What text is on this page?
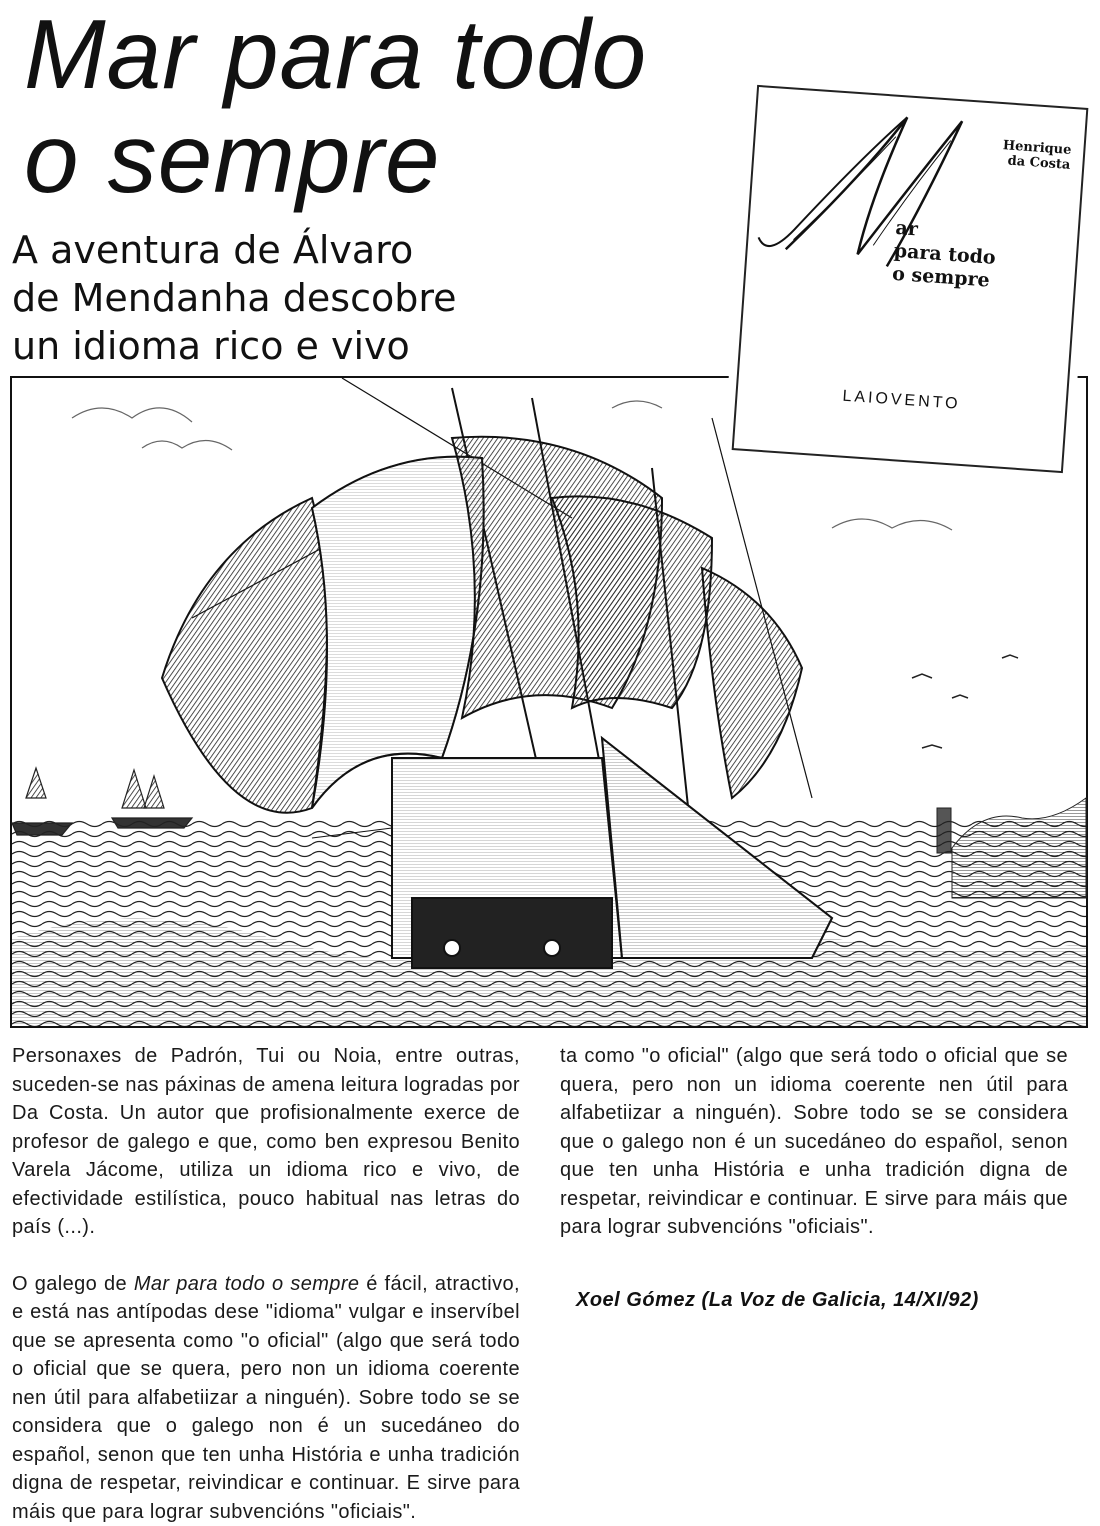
Mar para todo
o sempre
A aventura de Álvaro
de Mendanha descobre
un idioma rico e vivo

Henrique
da Costa

ar
para todo
o sempre

LAIOVENTO

Personaxes de Padrón, Tui ou Noia, entre outras, suceden-se nas páxinas de amena leitura logradas por Da Costa. Un autor que profisionalmente exerce de profesor de galego e que, como ben expresou Benito Varela Jácome, utiliza un idioma rico e vivo, de efectividade estilística, pouco habitual nas letras do país (...).

O galego de Mar para todo o sempre é fácil, atractivo, e está nas antípodas dese "idioma" vulgar e inservíbel que se apresenta como "o oficial" (algo que será todo o oficial que se quera, pero non un idioma coerente nen útil para alfabetiizar a ninguén). Sobre todo se se considera que o galego non é un sucedáneo do español, senon que ten unha História e unha tradición digna de respetar, reivindicar e continuar. E sirve para máis que para lograr subvencións "oficiais".

ta como "o oficial" (algo que será todo o oficial que se quera, pero non un idioma coerente nen útil para alfabetiizar a ninguén). Sobre todo se se considera que o galego non é un sucedáneo do español, senon que ten unha História e unha tradición digna de respetar, reivindicar e continuar. E sirve para máis que para lograr subvencións "oficiais".

Xoel Gómez (La Voz de Galicia, 14/XI/92)
